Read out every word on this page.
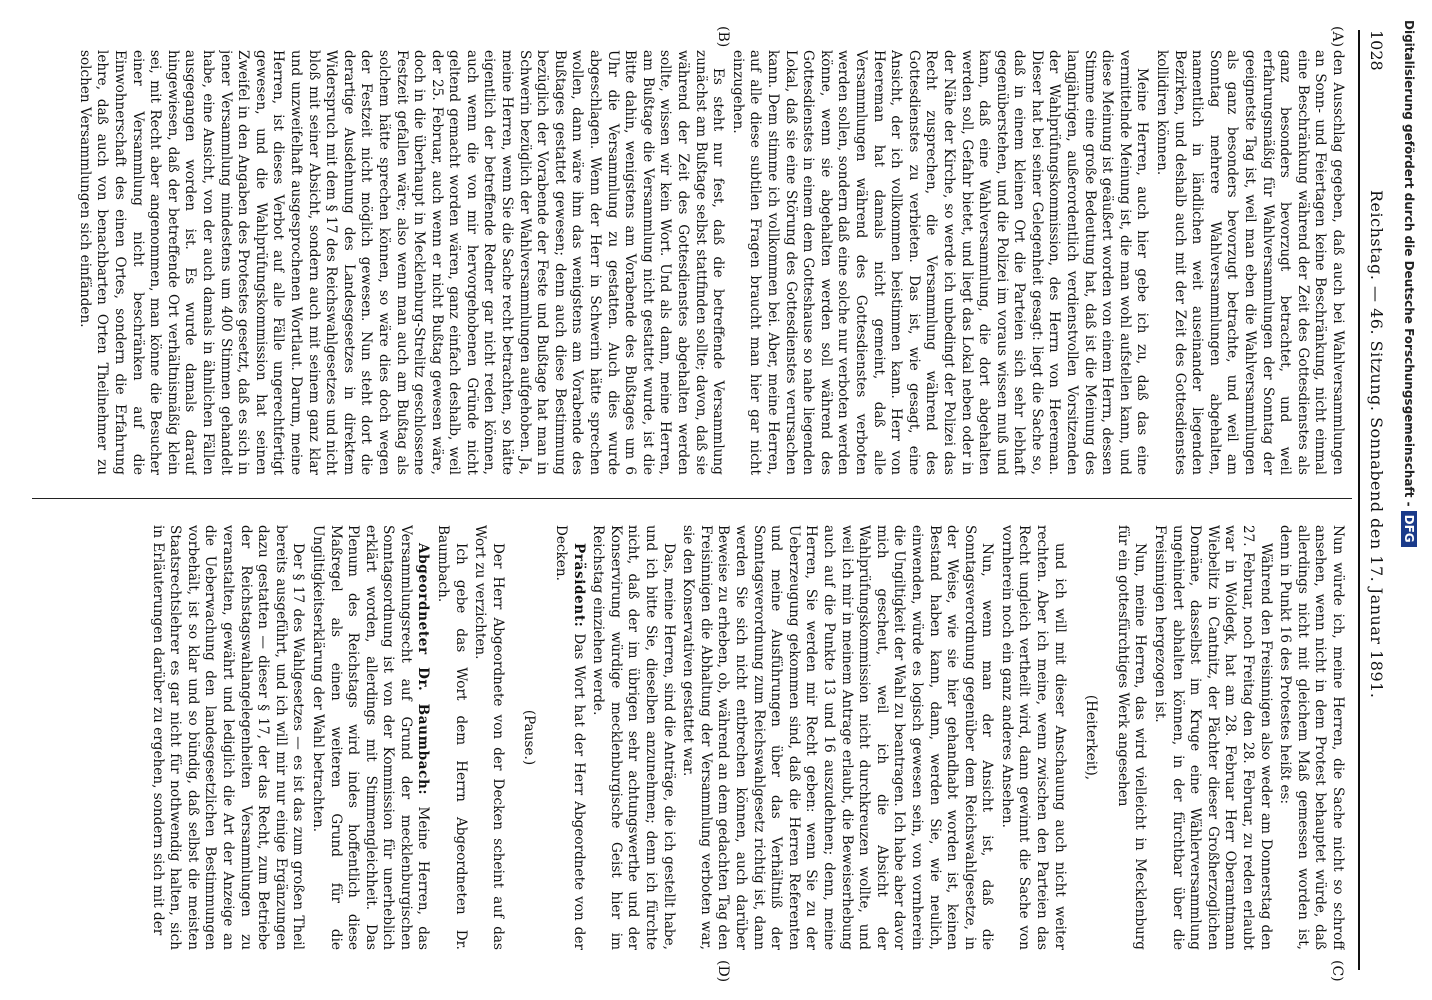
1028
Reichstag. — 46. Sitzung. Sonnabend den 17. Januar 1891.
(A)
(B)
(C)
(D)

den Ausschlag gegeben, daß auch bei Wahlversammlungen an Sonn- und Feiertagen keine Beschränkung, nicht einmal eine Beschränkung während der Zeit des Gottesdienstes als ganz besonders bevorzugt betrachtet, und weil erfahrungsmäßig für Wahlversammlungen der Sonntag der geeignetste Tag ist, weil man eben die Wahlversammlungen als ganz besonders bevorzugt betrachte, und weil am Sonntag mehrere Wahlversammlungen abgehalten, namentlich in ländlichen weit auseinander liegenden Bezirken, und deshalb auch mit der Zeit des Gottesdienstes kollidiren können.

Meine Herren, auch hier gebe ich zu, daß das eine vermittelnde Meinung ist, die man wohl aufstellen kann, und diese Meinung ist geäußert worden von einem Herrn, dessen Stimme eine große Bedeutung hat, daß ist die Meinung des langjährigen, außerordentlich verdienstvollen Vorsitzenden der Wahlprüfungskommission, des Herrn von Heereman. Dieser hat bei seiner Gelegenheit gesagt: liegt die Sache so, daß in einem kleinen Ort die Parteien sich sehr lebhaft gegenüberstehen, und die Polizei im voraus wissen muß und kann, daß eine Wahlversammlung, die dort abgehalten werden soll, Gefahr bietet, und liegt das Lokal neben oder in der Nähe der Kirche, so werde ich unbedingt der Polizei das Recht zusprechen, die Versammlung während des Gottesdienstes zu verbieten. Das ist, wie gesagt, eine Ansicht, der ich vollkommen beistimmen kann. Herr von Heereman hat damals nicht gemeint, daß alle Versammlungen während des Gottesdienstes verboten werden sollen, sondern daß eine solche nur verboten werden könne, wenn sie abgehalten werden soll während des Gottesdienstes in einem dem Gotteshause so nahe liegenden Lokal, daß sie eine Störung des Gottesdienstes verursachen kann. Dem stimme ich vollkommen bei. Aber, meine Herren, auf alle diese subtilen Fragen braucht man hier gar nicht einzugehen.

Es steht nur fest, daß die betreffende Versammlung zunächst am Bußtage selbst stattfinden sollte; davon, daß sie während der Zeit des Gottesdienstes abgehalten werden sollte, wissen wir kein Wort. Und als dann, meine Herren, am Bußtage die Versammlung nicht gestattet wurde, ist die Bitte dahin, wenigstens am Vorabende des Bußtages um 6 Uhr die Versammlung zu gestatten. Auch dies wurde abgeschlagen. Wenn der Herr in Schwerin hätte sprechen wollen, dann wäre ihm das wenigstens am Vorabende des Bußtages gestattet gewesen; denn auch diese Bestimmung bezüglich der Vorabende der Feste und Bußtage hat man in Schwerin bezüglich der Wahlversammlungen aufgehoben. Ja, meine Herren, wenn Sie die Sache recht betrachten, so hätte eigentlich der betreffende Redner gar nicht reden können, auch wenn die von mir hervorgehobenen Gründe nicht geltend gemacht worden wären, ganz einfach deshalb, weil der 25. Februar, auch wenn er nicht Bußtag gewesen wäre, doch in die überhaupt in Mecklenburg-Strelitz geschlossene Festzeit gefallen wäre; also wenn man auch am Bußtag als solchem hätte sprechen können, so wäre dies doch wegen der Festzeit nicht möglich gewesen. Nun steht dort die derartige Ausdehnung des Landesgesetzes in direktem Widerspruch mit dem § 17 des Reichswahlgesetzes und nicht bloß mit seiner Absicht, sondern auch mit seinem ganz klar und unzweifelhaft ausgesprochenen Wortlaut. Darum, meine Herren, ist dieses Verbot auf alle Fälle ungerechtfertigt gewesen, und die Wahlprüfungskommission hat seinen Zweifel in den Angaben des Protestes gesetzt, daß es sich in jener Versammlung mindestens um 400 Stimmen gehandelt habe, eine Ansicht, von der auch damals in ähnlichen Fällen ausgegangen worden ist. Es wurde damals darauf hingewiesen, daß der betreffende Ort verhältnismäßig klein sei, mit Recht aber angenommen, man könne die Besucher einer Versammlung nicht beschränken auf die Einwohnerschaft des einen Ortes, sondern die Erfahrung lehre, daß auch von benachbarten Orten Theilnehmer zu solchen Versammlungen sich einfänden.

Nun würde ich, meine Herren, die Sache nicht so schroff ansehen, wenn nicht in dem Protest behauptet würde, daß allerdings nicht mit gleichem Maß gemessen worden ist, denn in Punkt 16 des Protestes heißt es:

Während den Freisinnigen also weder am Donnerstag den 27. Februar, noch Freitag den 28. Februar, zu reden erlaubt war in Woldegk, hat am 28. Februar Herr Oberamtmann Wiebelitz in Cantnitz, der Pächter dieser Großherzoglichen Domäne, dasselbst im Kruge eine Wählerversammlung ungehindert abhalten können, in der fürchtbar über die Freisinnigen hergezogen ist.

Nun, meine Herren, das wird vielleicht in Mecklenburg für ein gottesfürchtiges Werk angesehen

(Heiterkeit),

und ich will mit dieser Anschauung auch nicht weiter rechten. Aber ich meine, wenn zwischen den Parteien das Recht ungleich vertheilt wird, dann gewinnt die Sache von vornherein noch ein ganz anderes Ansehen.

Nun, wenn man der Ansicht ist, daß die Sonntagsverordnung gegenüber dem Reichswahlgesetze, in der Weise, wie sie hier gehandhabt worden ist, keinen Bestand haben kann, dann, werden Sie, wie neulich, einwenden, würde es logisch gewesen sein, von vornherein die Ungiltigkeit der Wahl zu beantragen. Ich habe aber davor mich gescheut, weil ich die Absicht der Wahlprüfungskommission nicht durchkreuzen wollte, und weil ich mir in meinem Antrage erlaubt, die Beweiserhebung auch auf die Punkte 13 und 16 auszudehnen; denn, meine Herren, Sie werden mir Recht geben: wenn Sie zu der Ueberzeugung gekommen sind, daß die Herren Referenten und meine Ausführungen über das Verhältniß der Sonntagsverordnung zum Reichswahlgesetz richtig ist, dann werden Sie sich nicht entbrechen können, auch darüber Beweise zu erheben, ob, während an dem gedachten Tag den Freisinnigen die Abhaltung der Versammlung verboten war, sie den Konservativen gestattet war.

Das, meine Herren, sind die Anträge, die ich gestellt habe, und ich bitte Sie, dieselben anzunehmen; denn ich fürchte nicht, daß der im übrigen sehr achtungswerthe und der Konservirung würdige mecklenburgische Geist hier im Reichstag einziehen werde.

Präsident: Das Wort hat der Herr Abgeordnete von der Decken.

(Pause.)

Der Herr Abgeordnete von der Decken scheint auf das Wort zu verzichten.

Ich gebe das Wort dem Herrn Abgeordneten Dr. Baumbach.

Abgeordneter Dr. Baumbach: Meine Herren, das Versammlungsrecht auf Grund der mecklenburgischen Sonntagsordnung ist von der Kommission für unerheblich erklärt worden, allerdings mit Stimmengleichheit. Das Plenum des Reichstags wird indes hoffentlich diese Maßregel als einen weiteren Grund für die Ungiltigkeitserklärung der Wahl betrachten.

Der § 17 des Wahlgesetzes — es ist das zum großen Theil bereits ausgeführt, und ich will mir nur einige Ergänzungen dazu gestatten — dieser § 17, der das Recht, zum Betriebe der Reichstagswahlangelegenheiten Versammlungen zu veranstalten, gewährt und lediglich die Art der Anzeige an die Ueberwachung den landesgesetzlichen Bestimmungen vorbehält, ist so klar und so bündig, daß selbst die meisten Staatsrechtslehrer es gar nicht für nothwendig halten, sich in Erläuterungen darüber zu ergehen, sondern sich mit der

Digitalisierung gefördert durch die Deutsche Forschungsgemeinschaft -DFG
